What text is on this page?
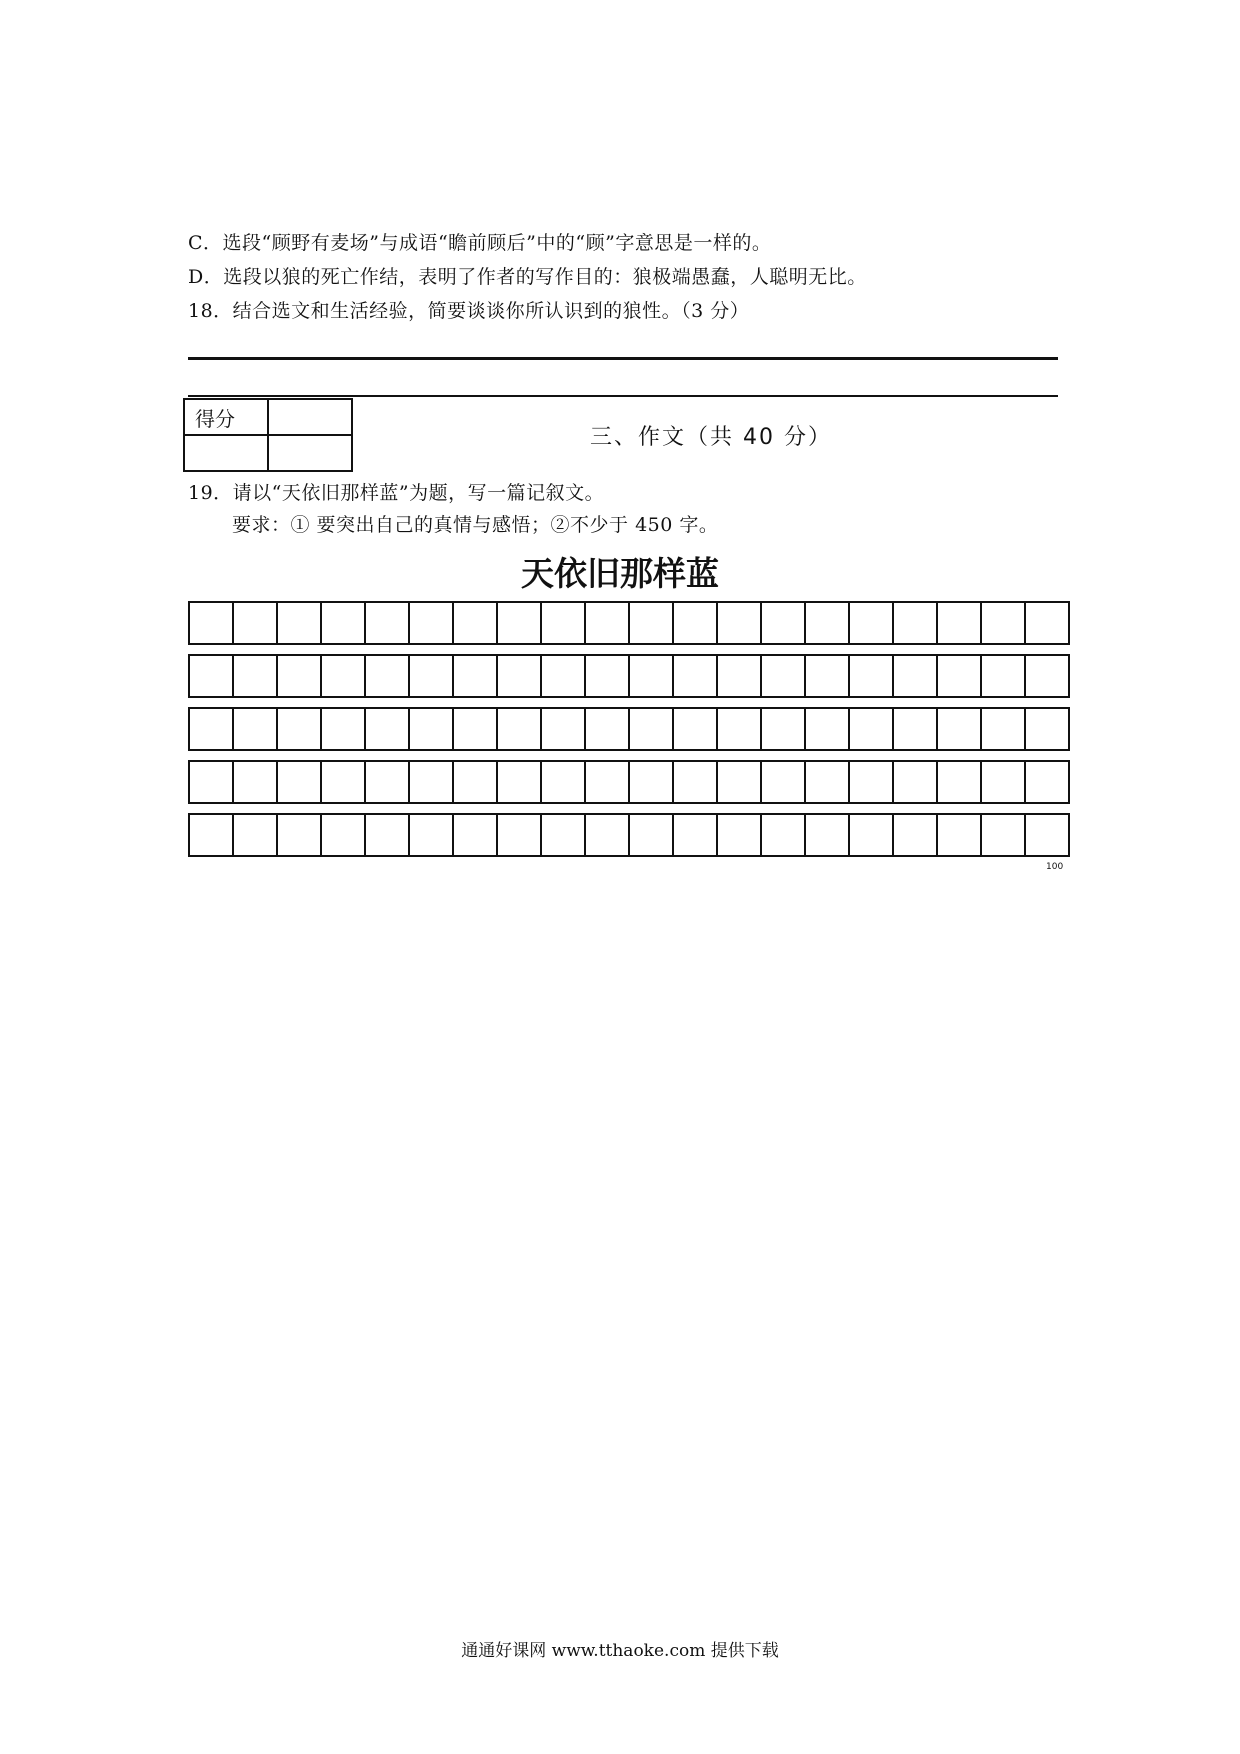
C．选段“顾野有麦场”与成语“瞻前顾后”中的“顾”字意思是一样的。
D．选段以狼的死亡作结，表明了作者的写作目的：狼极端愚蠢，人聪明无比。
18．结合选文和生活经验，简要谈谈你所认识到的狼性。（3 分）
得分	

三、作文（共 40 分）
19．请以“天依旧那样蓝”为题，写一篇记叙文。
要求：① 要突出自己的真情与感悟；②不少于 450 字。
天依旧那样蓝
100
通通好课网 www.tthaoke.com 提供下载
